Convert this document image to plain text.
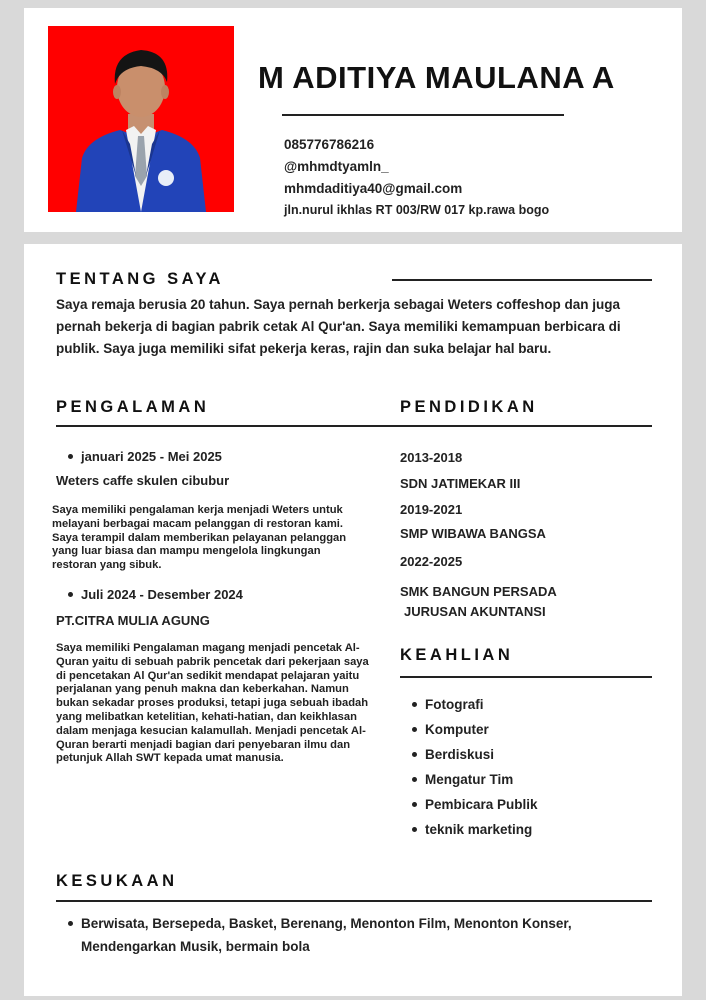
M ADITIYA MAULANA A
085776786216
@mhmdtyamln_
mhmdaditiya40@gmail.com
jln.nurul ikhlas RT 003/RW 017 kp.rawa bogo
TENTANG SAYA
Saya remaja berusia 20 tahun. Saya pernah berkerja sebagai Weters coffeshop dan juga pernah bekerja di bagian pabrik cetak Al Qur'an. Saya memiliki kemampuan berbicara di publik. Saya juga memiliki sifat pekerja keras, rajin dan suka belajar hal baru.
PENGALAMAN
januari 2025 - Mei 2025
Weters caffe skulen cibubur
Saya memiliki pengalaman kerja menjadi Weters untuk melayani berbagai macam pelanggan di restoran kami. Saya terampil dalam memberikan pelayanan pelanggan yang luar biasa dan mampu mengelola lingkungan restoran yang sibuk.
Juli 2024 - Desember 2024
PT.CITRA MULIA AGUNG
Saya memiliki Pengalaman magang menjadi pencetak Al-Quran yaitu di sebuah pabrik pencetak dari pekerjaan saya di pencetakan Al Qur'an sedikit mendapat pelajaran yaitu perjalanan yang penuh makna dan keberkahan. Namun bukan sekadar proses produksi, tetapi juga sebuah ibadah yang melibatkan ketelitian, kehati-hatian, dan keikhlasan dalam menjaga kesucian kalamullah. Menjadi pencetak Al-Quran berarti menjadi bagian dari penyebaran ilmu dan petunjuk Allah SWT kepada umat manusia.
PENDIDIKAN
2013-2018
SDN JATIMEKAR III
2019-2021
SMP WIBAWA BANGSA
2022-2025
SMK BANGUN PERSADA
JURUSAN AKUNTANSI
KEAHLIAN
Fotografi
Komputer
Berdiskusi
Mengatur Tim
Pembicara Publik
teknik marketing
KESUKAAN
Berwisata, Bersepeda, Basket, Berenang, Menonton Film, Menonton Konser, Mendengarkan Musik, bermain bola
